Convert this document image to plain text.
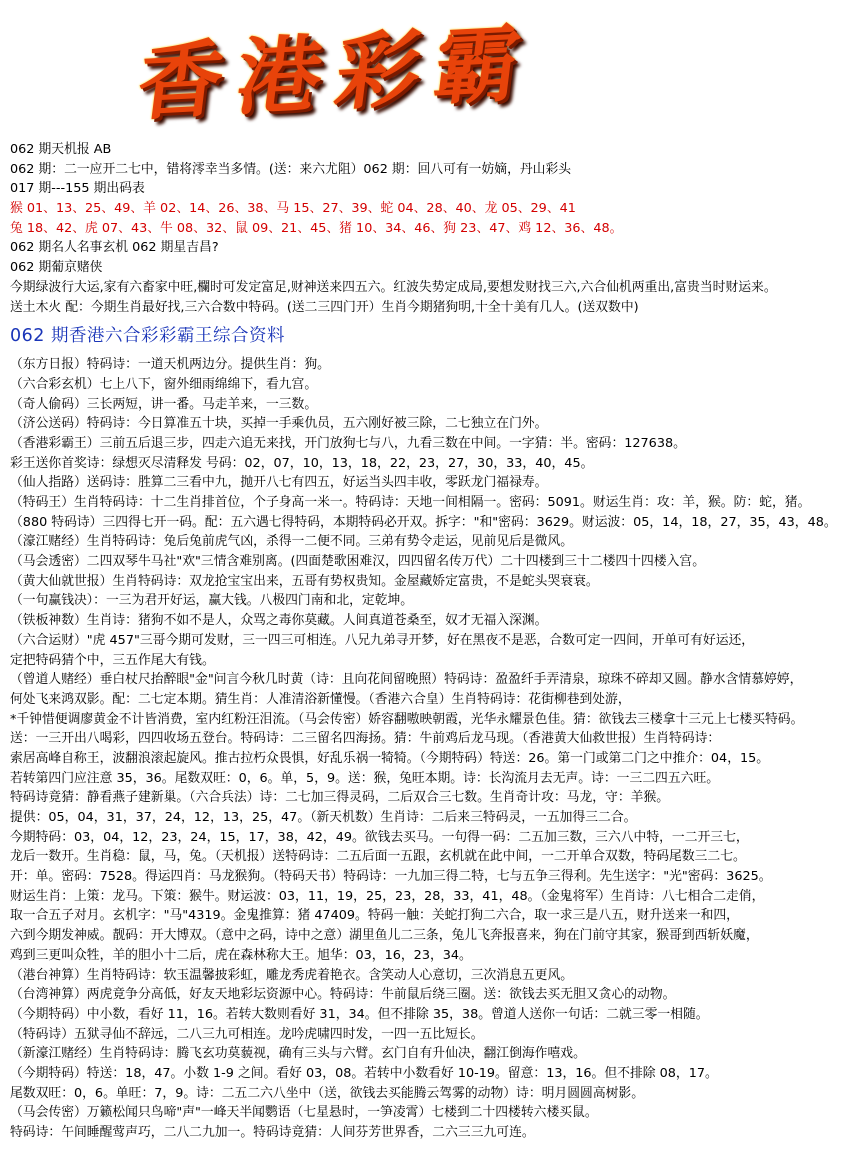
香港彩霸
062 期天机报 AB
062 期：二一应开二七中，错将澪幸当多情。(送：来六尤阻）062 期：回八可有一妨嫡，丹山彩头
017 期---155 期出码表
猴 01、13、25、49、羊 02、14、26、38、马 15、27、39、蛇 04、28、40、龙 05、29、41
兔 18、42、虎 07、43、牛 08、32、鼠 09、21、45、猪 10、34、46、狗 23、47、鸡 12、36、48。
062 期名人名事玄机 062 期星吉昌?
062 期葡京赌侠
今期绿波行大运,家有六畜家中旺,欄时可发定富足,财神送来四五六。红波失势定成局,要想发财找三六,六合仙机两重出,富贵当时财运来。
送土木火 配：今期生肖最好找,三六合数中特码。(送二三四门开）生肖今期猪狗明,十全十美有几人。(送双数中)
062 期香港六合彩彩霸王综合资料
（东方日报）特码诗：一道天机两边分。提供生肖：狗。
（六合彩玄机）七上八下，窗外细雨绵绵下，看九宫。
（奇人偷码）三长两短，讲一番。马走羊来，一三数。
（济公送码）特码诗：今日算准五十块，买掉一手乘仇员，五六刚好被三除，二七独立在门外。
（香港彩霸王）三前五后退三步，四走六追无来找，开门放狗七与八，九看三数在中间。一字猜：半。密码：127638。
彩王送你首奖诗：绿想灭尽清释发 号码：02，07，10，13，18，22，23，27，30，33，40，45。
（仙人指路）送码诗：胜算二三看中九，抛开八七有四五，好运当头四丰收，零跃龙门福禄寿。
（特码王）生肖特码诗：十二生肖排首位，个子身高一米一。特码诗：天地一间相隔一。密码：5091。财运生肖：攻：羊，猴。防：蛇，猪。
（880 特码诗）三四得七开一码。配：五六遇七得特码，本期特码必开双。拆字："和"密码：3629。财运波：05，14，18，27，35，43，48。
（濠江赌经）生肖特码诗：兔后兔前虎气凶，杀得一二便不同。三弟有势令走运，见前见后是微风。
（马会透密）二四双琴牛马社"欢"三情含难别离。(四面楚歌困难汉，四四留名传万代）二十四楼到三十二楼四十四楼入宫。
（黄大仙就世报）生肖特码诗：双龙抢宝宝出来，五哥有势权贵知。金屋藏娇定富贵，不是蛇头哭衰衰。
（一句赢钱决）：一三为君开好运，赢大钱。八极四门南和北，定乾坤。
（铁板神数）生肖诗：猪狗不如不是人，众骂之毒你莫藏。人间真道苍桑至，奴才无福入深渊。
（六合运财）"虎 457"三哥今期可发财，三一四三可相连。八兄九弟寻开梦，好在黑夜不是恶，合数可定一四间，开单可有好运还，
定把特码猜个中，三五作尾大有钱。
（曾道人赌经）垂白杖尺抬醉眼"金"问言今秋几时黄（诗：且向花间留晚照）特码诗：盈盈纤手弄清泉，琼珠不碎却又圆。静水含情慕婷婷，
何处飞来鸿双影。配：二七定本期。猜生肖：人准清浴新懂慢。（香港六合皇）生肖特码诗：花街柳巷到处游，
*千钟惜便调廖黄金不计皆消费，室内红粉汪泪流。（马会传密）娇容翻嗷映朝霞，光华永耀景色佳。猜：欲钱去三楼拿十三元上七楼买特码。
送：一三开出八喝彩，四四收场五登台。特码诗：二三留名四海扬。猜：牛前鸡后龙马现。（香港黄大仙救世报）生肖特码诗：
索居高峰自称王，波翻浪滚起旋风。推古拉朽众畏惧，好乱乐祸一犄犄。（今期特码）特送：26。第一门或第二门之中推介：04，15。
若转第四门应注意 35，36。尾数双旺：0，6。单，5，9。送：猴，兔旺本期。诗：长沟流月去无声。诗：一三二四五六旺。
特码诗竟猜：静看燕子建新巢。（六合兵法）诗：二七加三得灵码，二后双合三七数。生肖奇计攻：马龙，守：羊猴。
提供：05，04，31，37，24，12，13，25，47。（新天机数）生肖诗：二后来三特码灵，一五加得三二合。
今期特码：03，04，12，23，24，15，17，38，42，49。欲钱去买马。一句得一码：二五加三数，三六八中特，一二开三七，
龙后一数开。生肖稳：鼠，马，兔。（天机报）送特码诗：二五后面一五跟，玄机就在此中间，一二开单合双数，特码尾数三二七。
开：单。密码：7528。得运四肖：马龙猴狗。（特码天书）特码诗：一九加三得二特，七与五争三得利。先生送字："光"密码：3625。
财运生肖：上策：龙马。下策：猴牛。财运波：03，11，19，25，23，28，33，41，48。（金鬼将军）生肖诗：八七相合二走俏，
取一合五子对月。玄机字："马"4319。金鬼推算：猪 47409。特码一触：关蛇打狗二六合，取一求三是八五，财升送来一和四，
六到今期发神威。靓码：开大博双。（意中之码，诗中之意）湖里鱼儿二三条，兔儿飞奔报喜来，狗在门前守其家，猴哥到西斩妖魔，
鸡到三更叫众牲，羊的胆小十二后，虎在森林称大王。旭华：03，16，23，34。
（港台神算）生肖特码诗：软玉温馨披彩虹，雕龙秀虎着艳衣。含笑动人心意切，三次消息五更风。
（台湾神算）两虎竟争分高低，好友天地彩坛资源中心。特码诗：牛前鼠后绕三圈。送：欲钱去买无胆又贪心的动物。
（今期特码）中小数，看好 11，16。若转大数则看好 31，34。但不排除 35，38。曾道人送你一句话：二就三零一相随。
（特码诗）五狱寻仙不辞远，二八三九可相连。龙吟虎啸四时发，一四一五比短长。
（新濠江赌经）生肖特码诗：腾飞玄功莫藐视，确有三头与六臂。玄门自有升仙决，翻江倒海作嘻戏。
（今期特码）特送：18，47。小数 1-9 之间。看好 03，08。若转中小数看好 10-19。留意：13，16。但不排除 08，17。
尾数双旺：0，6。单旺：7，9。诗：二五二六八坐中（送，欲钱去买能腾云驾雾的动物）诗：明月圆圆高树影。
（马会传密）万籁松闻只鸟啼"声"一峰天半闻鹦语（七星悬时，一笋凌霄）七楼到二十四楼转六楼买鼠。
特码诗：午间睡醒莺声巧，二八二九加一。特码诗竟猜：人间芬芳世界香，二六三三九可连。
